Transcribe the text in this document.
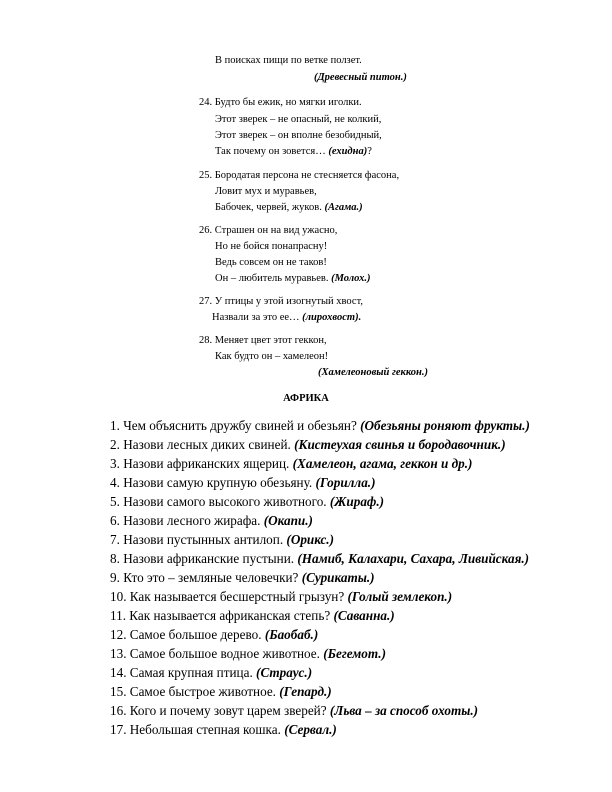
В поисках пищи по ветке ползет.
(Древесный питон.)
24. Будто бы ежик, но мягки иголки.
Этот зверек – не опасный, не колкий,
Этот зверек – он вполне безобидный,
Так почему он зовется… (ехидна)?
25. Бородатая персона не стесняется фасона,
Ловит мух и муравьев,
Бабочек, червей, жуков. (Агама.)
26. Страшен он на вид ужасно,
Но не бойся понапрасну!
Ведь совсем он не таков!
Он – любитель муравьев. (Молох.)
27. У птицы у этой изогнутый хвост,
Назвали за это ее… (лирохвост).
28. Меняет цвет этот геккон,
Как будто он – хамелеон!
(Хамелеоновый геккон.)
АФРИКА
1. Чем объяснить дружбу свиней и обезьян? (Обезьяны роняют фрукты.)
2. Назови лесных диких свиней. (Кистеухая свинья и бородавочник.)
3. Назови африканских ящериц. (Хамелеон, агама, геккон и др.)
4. Назови самую крупную обезьяну. (Горилла.)
5. Назови самого высокого животного. (Жираф.)
6. Назови лесного жирафа. (Окапи.)
7. Назови пустынных антилоп. (Орикс.)
8. Назови африканские пустыни. (Намиб, Калахари, Сахара, Ливийская.)
9. Кто это – земляные человечки? (Сурикаты.)
10. Как называется бесшерстный грызун? (Голый землекоп.)
11. Как называется африканская степь? (Саванна.)
12. Самое большое дерево. (Баобаб.)
13. Самое большое водное животное. (Бегемот.)
14. Самая крупная птица. (Страус.)
15. Самое быстрое животное. (Гепард.)
16. Кого и почему зовут царем зверей? (Льва – за способ охоты.)
17. Небольшая степная кошка. (Сервал.)
